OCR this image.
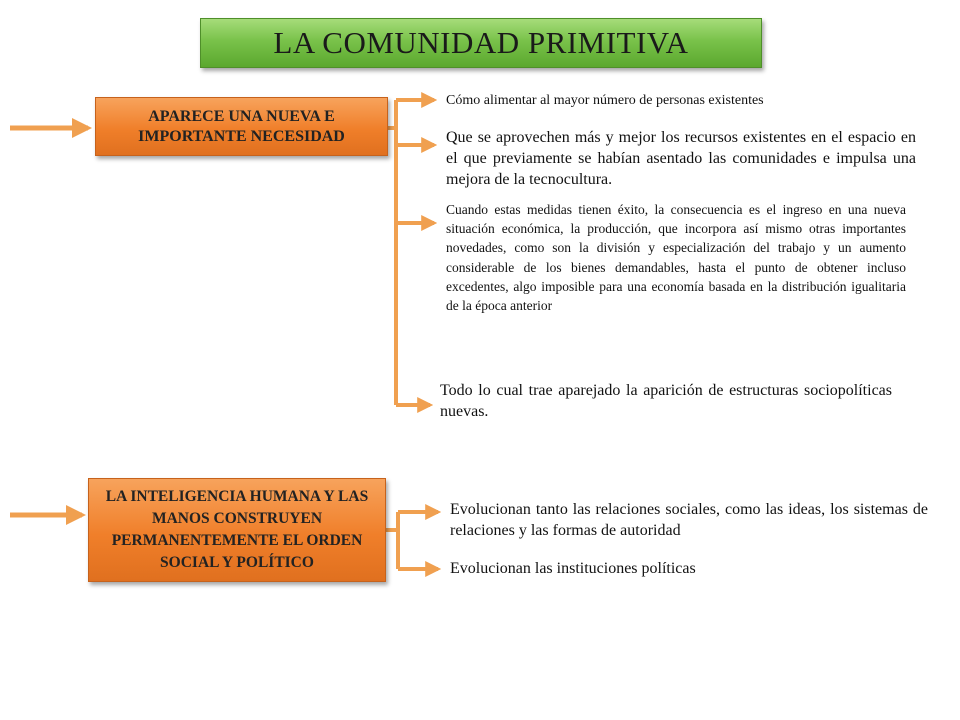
LA COMUNIDAD PRIMITIVA
APARECE UNA NUEVA E IMPORTANTE NECESIDAD
LA INTELIGENCIA HUMANA Y LAS MANOS CONSTRUYEN PERMANENTEMENTE EL ORDEN SOCIAL Y POLÍTICO
Cómo alimentar al mayor número de personas existentes
Que se aprovechen más y mejor los recursos existentes en el espacio en el que previamente se habían asentado las comunidades e impulsa una mejora de la tecnocultura.
Cuando estas medidas tienen éxito, la consecuencia es el ingreso en una nueva situación económica, la producción, que incorpora así mismo otras importantes novedades, como son la división y especialización del trabajo y un aumento considerable de los bienes demandables, hasta el punto de obtener incluso excedentes, algo imposible para una economía basada en la distribución igualitaria de la época anterior
Todo lo cual trae aparejado la aparición de estructuras sociopolíticas nuevas.
Evolucionan tanto las relaciones sociales, como las ideas, los sistemas de relaciones y las formas de autoridad
Evolucionan las instituciones políticas
